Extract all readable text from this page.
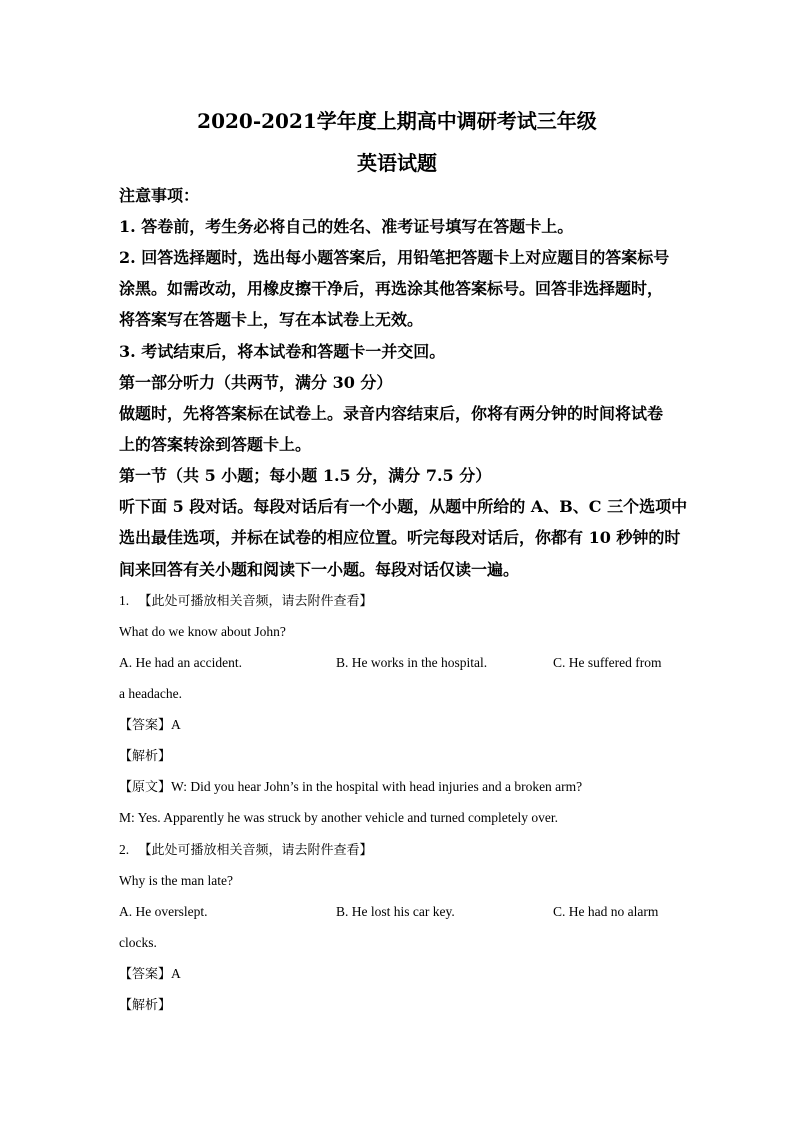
2020-2021学年度上期高中调研考试三年级
英语试题
注意事项：
1. 答卷前，考生务必将自己的姓名、准考证号填写在答题卡上。
2. 回答选择题时，选出每小题答案后，用铅笔把答题卡上对应题目的答案标号
涂黑。如需改动，用橡皮擦干净后，再选涂其他答案标号。回答非选择题时，
将答案写在答题卡上，写在本试卷上无效。
3. 考试结束后，将本试卷和答题卡一并交回。
第一部分听力（共两节，满分 30 分）
做题时，先将答案标在试卷上。录音内容结束后，你将有两分钟的时间将试卷
上的答案转涂到答题卡上。
第一节（共 5 小题；每小题 1.5 分，满分 7.5 分）
听下面 5 段对话。每段对话后有一个小题，从题中所给的 A、B、C 三个选项中
选出最佳选项，并标在试卷的相应位置。听完每段对话后，你都有 10 秒钟的时
间来回答有关小题和阅读下一小题。每段对话仅读一遍。
1. 【此处可播放相关音频，请去附件查看】
What do we know about John?
A. He had an accident.	B. He works in the hospital.	C. He suffered from
a headache.
【答案】A
【解析】
【原文】W: Did you hear John’s in the hospital with head injuries and a broken arm?
M: Yes. Apparently he was struck by another vehicle and turned completely over.
2. 【此处可播放相关音频，请去附件查看】
Why is the man late?
A. He overslept.	B. He lost his car key.	C. He had no alarm
clocks.
【答案】A
【解析】
